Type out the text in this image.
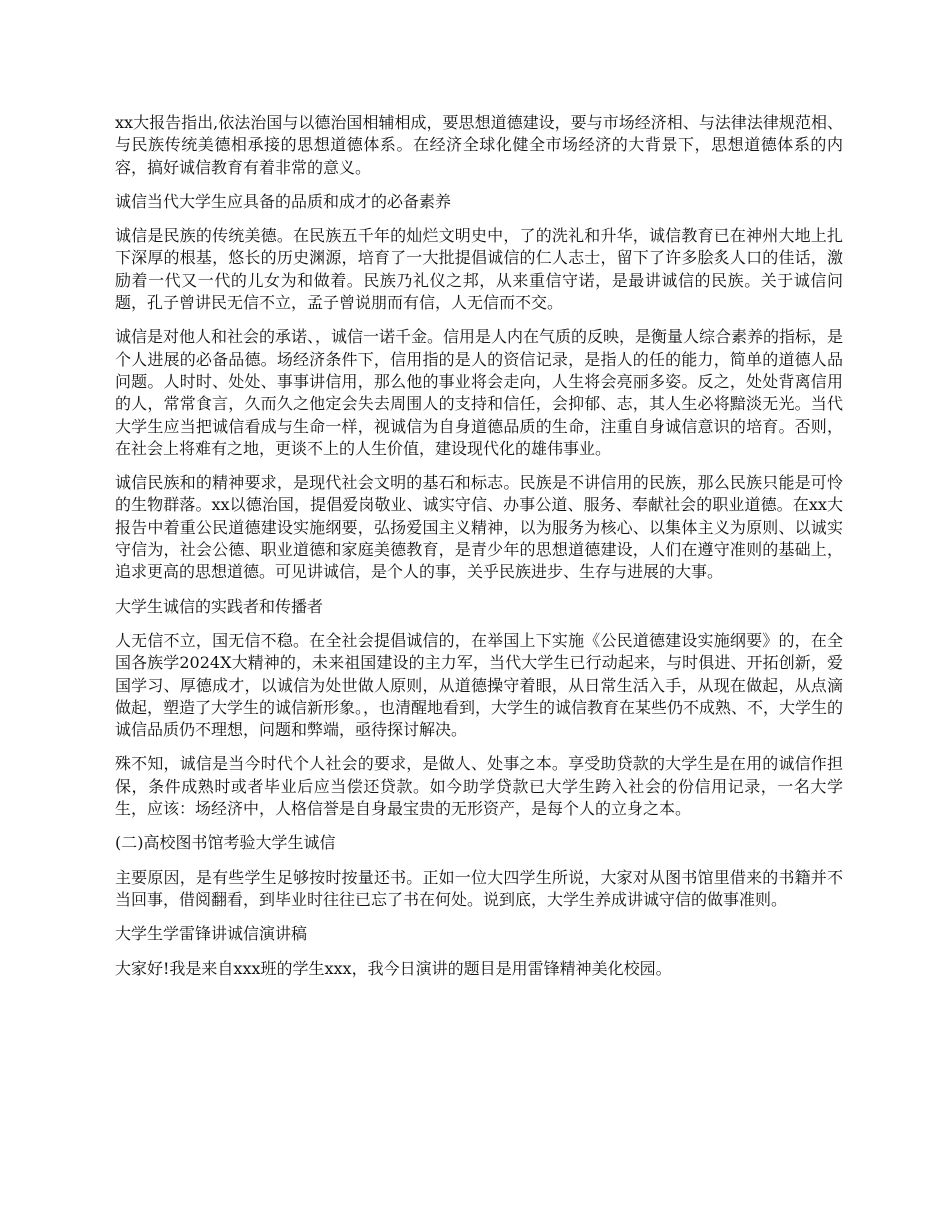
xx大报告指出,依法治国与以德治国相辅相成，要思想道德建设，要与市场经济相、与法律法律规范相、与民族传统美德相承接的思想道德体系。在经济全球化健全市场经济的大背景下，思想道德体系的内容，搞好诚信教育有着非常的意义。

诚信当代大学生应具备的品质和成才的必备素养

诚信是民族的传统美德。在民族五千年的灿烂文明史中，了的洗礼和升华，诚信教育已在神州大地上扎下深厚的根基，悠长的历史渊源，培育了一大批提倡诚信的仁人志士，留下了许多脍炙人口的佳话，激励着一代又一代的儿女为和做着。民族乃礼仪之邦，从来重信守诺，是最讲诚信的民族。关于诚信问题，孔子曾讲民无信不立，孟子曾说朋而有信，人无信而不交。

诚信是对他人和社会的承诺、，诚信一诺千金。信用是人内在气质的反映，是衡量人综合素养的指标，是个人进展的必备品德。场经济条件下，信用指的是人的资信记录，是指人的任的能力，简单的道德人品问题。人时时、处处、事事讲信用，那么他的事业将会走向，人生将会亮丽多姿。反之，处处背离信用的人，常常食言，久而久之他定会失去周围人的支持和信任，会抑郁、志，其人生必将黯淡无光。当代大学生应当把诚信看成与生命一样，视诚信为自身道德品质的生命，注重自身诚信意识的培育。否则，在社会上将难有之地，更谈不上的人生价值，建设现代化的雄伟事业。

诚信民族和的精神要求，是现代社会文明的基石和标志。民族是不讲信用的民族，那么民族只能是可怜的生物群落。xx以德治国，提倡爱岗敬业、诚实守信、办事公道、服务、奉献社会的职业道德。在xx大报告中着重公民道德建设实施纲要，弘扬爱国主义精神，以为服务为核心、以集体主义为原则、以诚实守信为，社会公德、职业道德和家庭美德教育，是青少年的思想道德建设，人们在遵守准则的基础上，追求更高的思想道德。可见讲诚信，是个人的事，关乎民族进步、生存与进展的大事。

大学生诚信的实践者和传播者

人无信不立，国无信不稳。在全社会提倡诚信的，在举国上下实施《公民道德建设实施纲要》的，在全国各族学2024X大精神的，未来祖国建设的主力军，当代大学生已行动起来，与时俱进、开拓创新，爱国学习、厚德成才，以诚信为处世做人原则，从道德操守着眼，从日常生活入手，从现在做起，从点滴做起，塑造了大学生的诚信新形象。，也清醒地看到，大学生的诚信教育在某些仍不成熟、不，大学生的诚信品质仍不理想，问题和弊端，亟待探讨解决。

殊不知，诚信是当今时代个人社会的要求，是做人、处事之本。享受助贷款的大学生是在用的诚信作担保，条件成熟时或者毕业后应当偿还贷款。如今助学贷款已大学生跨入社会的份信用记录，一名大学生，应该：场经济中，人格信誉是自身最宝贵的无形资产，是每个人的立身之本。

(二)高校图书馆考验大学生诚信

主要原因，是有些学生足够按时按量还书。正如一位大四学生所说，大家对从图书馆里借来的书籍并不当回事，借阅翻看，到毕业时往往已忘了书在何处。说到底，大学生养成讲诚守信的做事准则。

大学生学雷锋讲诚信演讲稿

大家好!我是来自xxx班的学生xxx，我今日演讲的题目是用雷锋精神美化校园。
